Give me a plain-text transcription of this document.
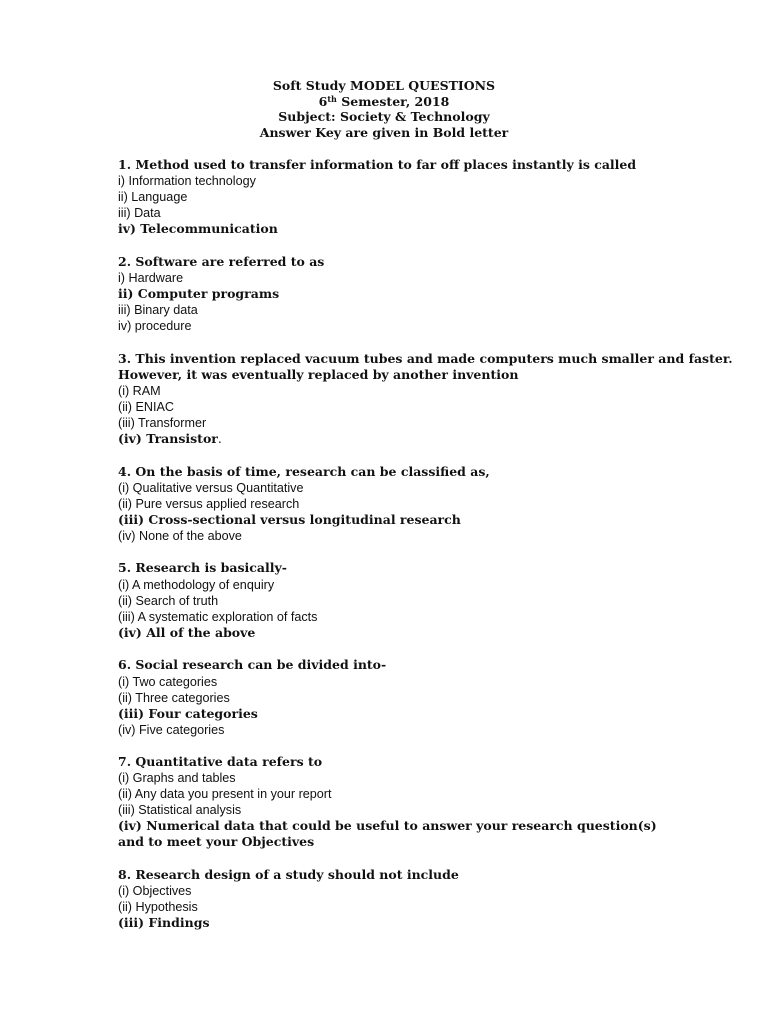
Soft Study MODEL QUESTIONS
6th Semester, 2018
Subject: Society & Technology
Answer Key are given in Bold letter
1. Method used to transfer information to far off places instantly is called
i) Information technology
ii) Language
iii) Data
iv) Telecommunication
2. Software are referred to as
i) Hardware
ii) Computer programs
iii) Binary data
iv) procedure
3. This invention replaced vacuum tubes and made computers much smaller and faster.
However, it was eventually replaced by another invention
(i) RAM
(ii) ENIAC
(iii) Transformer
(iv) Transistor.
4. On the basis of time, research can be classified as,
(i) Qualitative versus Quantitative
(ii) Pure versus applied research
(iii) Cross-sectional versus longitudinal research
(iv) None of the above
5. Research is basically-
(i) A methodology of enquiry
(ii) Search of truth
(iii) A systematic exploration of facts
(iv) All of the above
6. Social research can be divided into-
(i) Two categories
(ii) Three categories
(iii) Four categories
(iv) Five categories
7. Quantitative data refers to
(i) Graphs and tables
(ii) Any data you present in your report
(iii) Statistical analysis
(iv) Numerical data that could be useful to answer your research question(s)
and to meet your Objectives
8. Research design of a study should not include
(i) Objectives
(ii) Hypothesis
(iii) Findings
